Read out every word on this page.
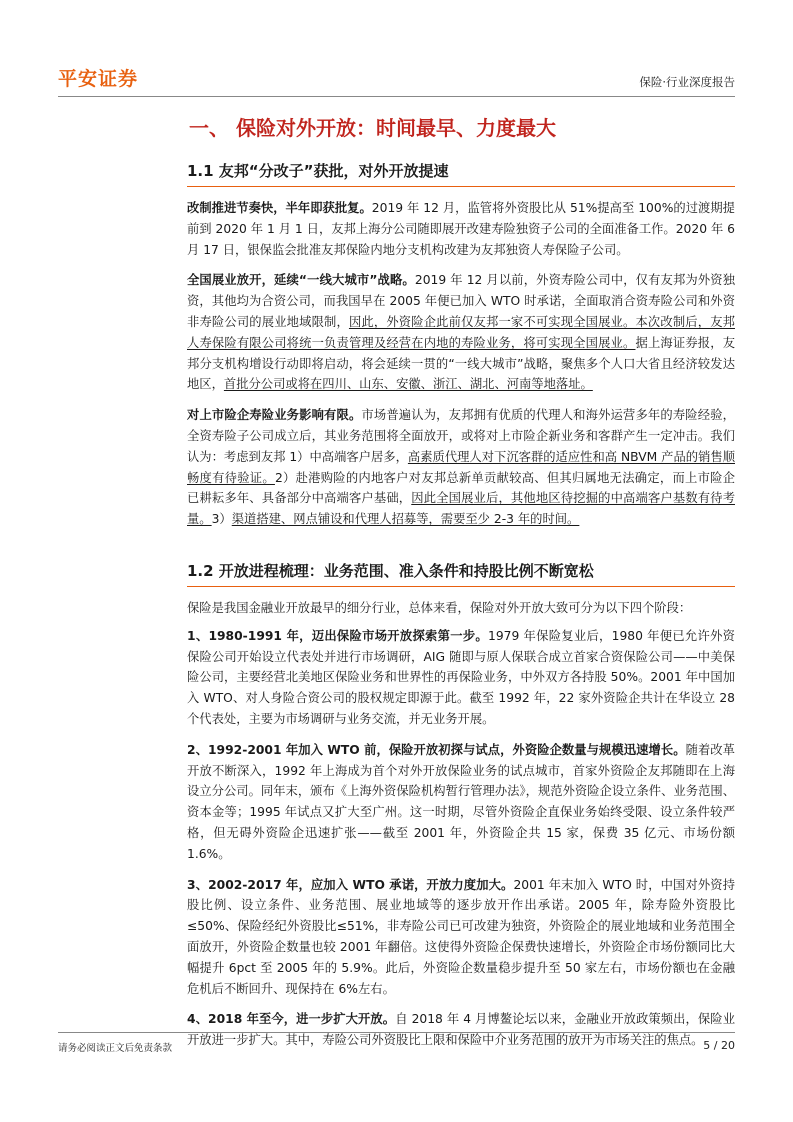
平安证券	保险·行业深度报告
一、 保险对外开放：时间最早、力度最大
1.1 友邦“分改子”获批，对外开放提速

改制推进节奏快，半年即获批复。2019 年 12 月，监管将外资股比从 51%提高至 100%的过渡期提前到 2020 年 1 月 1 日，友邦上海分公司随即展开改建寿险独资子公司的全面准备工作。2020 年 6 月 17 日，银保监会批准友邦保险内地分支机构改建为友邦独资人寿保险子公司。

全国展业放开，延续“一线大城市”战略。2019 年 12 月以前，外资寿险公司中，仅有友邦为外资独资，其他均为合资公司，而我国早在 2005 年便已加入 WTO 时承诺，全面取消合资寿险公司和外资非寿险公司的展业地域限制，因此，外资险企此前仅友邦一家不可实现全国展业。本次改制后，友邦人寿保险有限公司将统一负责管理及经营在内地的寿险业务，将可实现全国展业。据上海证券报，友邦分支机构增设行动即将启动，将会延续一贯的“一线大城市”战略，聚焦多个人口大省且经济较发达地区，首批分公司或将在四川、山东、安徽、浙江、湖北、河南等地落址。

对上市险企寿险业务影响有限。市场普遍认为，友邦拥有优质的代理人和海外运营多年的寿险经验，全资寿险子公司成立后，其业务范围将全面放开，或将对上市险企新业务和客群产生一定冲击。我们认为：考虑到友邦 1）中高端客户居多，高素质代理人对下沉客群的适应性和高 NBVM 产品的销售顺畅度有待验证。2）赴港购险的内地客户对友邦总新单贡献较高、但其归属地无法确定，而上市险企已耕耘多年、具备部分中高端客户基础，因此全国展业后，其他地区待挖掘的中高端客户基数有待考量。3）渠道搭建、网点铺设和代理人招募等，需要至少 2-3 年的时间。

1.2 开放进程梳理：业务范围、准入条件和持股比例不断宽松

保险是我国金融业开放最早的细分行业，总体来看，保险对外开放大致可分为以下四个阶段：

1、1980-1991 年，迈出保险市场开放探索第一步。1979 年保险复业后，1980 年便已允许外资保险公司开始设立代表处并进行市场调研，AIG 随即与原人保联合成立首家合资保险公司——中美保险公司，主要经营北美地区保险业务和世界性的再保险业务，中外双方各持股 50%。2001 年中国加入 WTO、对人身险合资公司的股权规定即源于此。截至 1992 年，22 家外资险企共计在华设立 28 个代表处，主要为市场调研与业务交流，并无业务开展。

2、1992-2001 年加入 WTO 前，保险开放初探与试点，外资险企数量与规模迅速增长。随着改革开放不断深入，1992 年上海成为首个对外开放保险业务的试点城市，首家外资险企友邦随即在上海设立分公司。同年末，颁布《上海外资保险机构暂行管理办法》，规范外资险企设立条件、业务范围、资本金等；1995 年试点又扩大至广州。这一时期，尽管外资险企直保业务始终受限、设立条件较严格，但无碍外资险企迅速扩张——截至 2001 年，外资险企共 15 家，保费 35 亿元、市场份额 1.6%。

3、2002-2017 年，应加入 WTO 承诺，开放力度加大。2001 年末加入 WTO 时，中国对外资持股比例、设立条件、业务范围、展业地域等的逐步放开作出承诺。2005 年，除寿险外资股比≤50%、保险经纪外资股比≤51%，非寿险公司已可改建为独资，外资险企的展业地域和业务范围全面放开，外资险企数量也较 2001 年翻倍。这使得外资险企保费快速增长，外资险企市场份额同比大幅提升 6pct 至 2005 年的 5.9%。此后，外资险企数量稳步提升至 50 家左右，市场份额也在金融危机后不断回升、现保持在 6%左右。

4、2018 年至今，进一步扩大开放。自 2018 年 4 月博鳌论坛以来，金融业开放政策频出，保险业开放进一步扩大。其中，寿险公司外资股比上限和保险中介业务范围的放开为市场关注的焦点。

请务必阅读正文后免责条款	5 / 20
